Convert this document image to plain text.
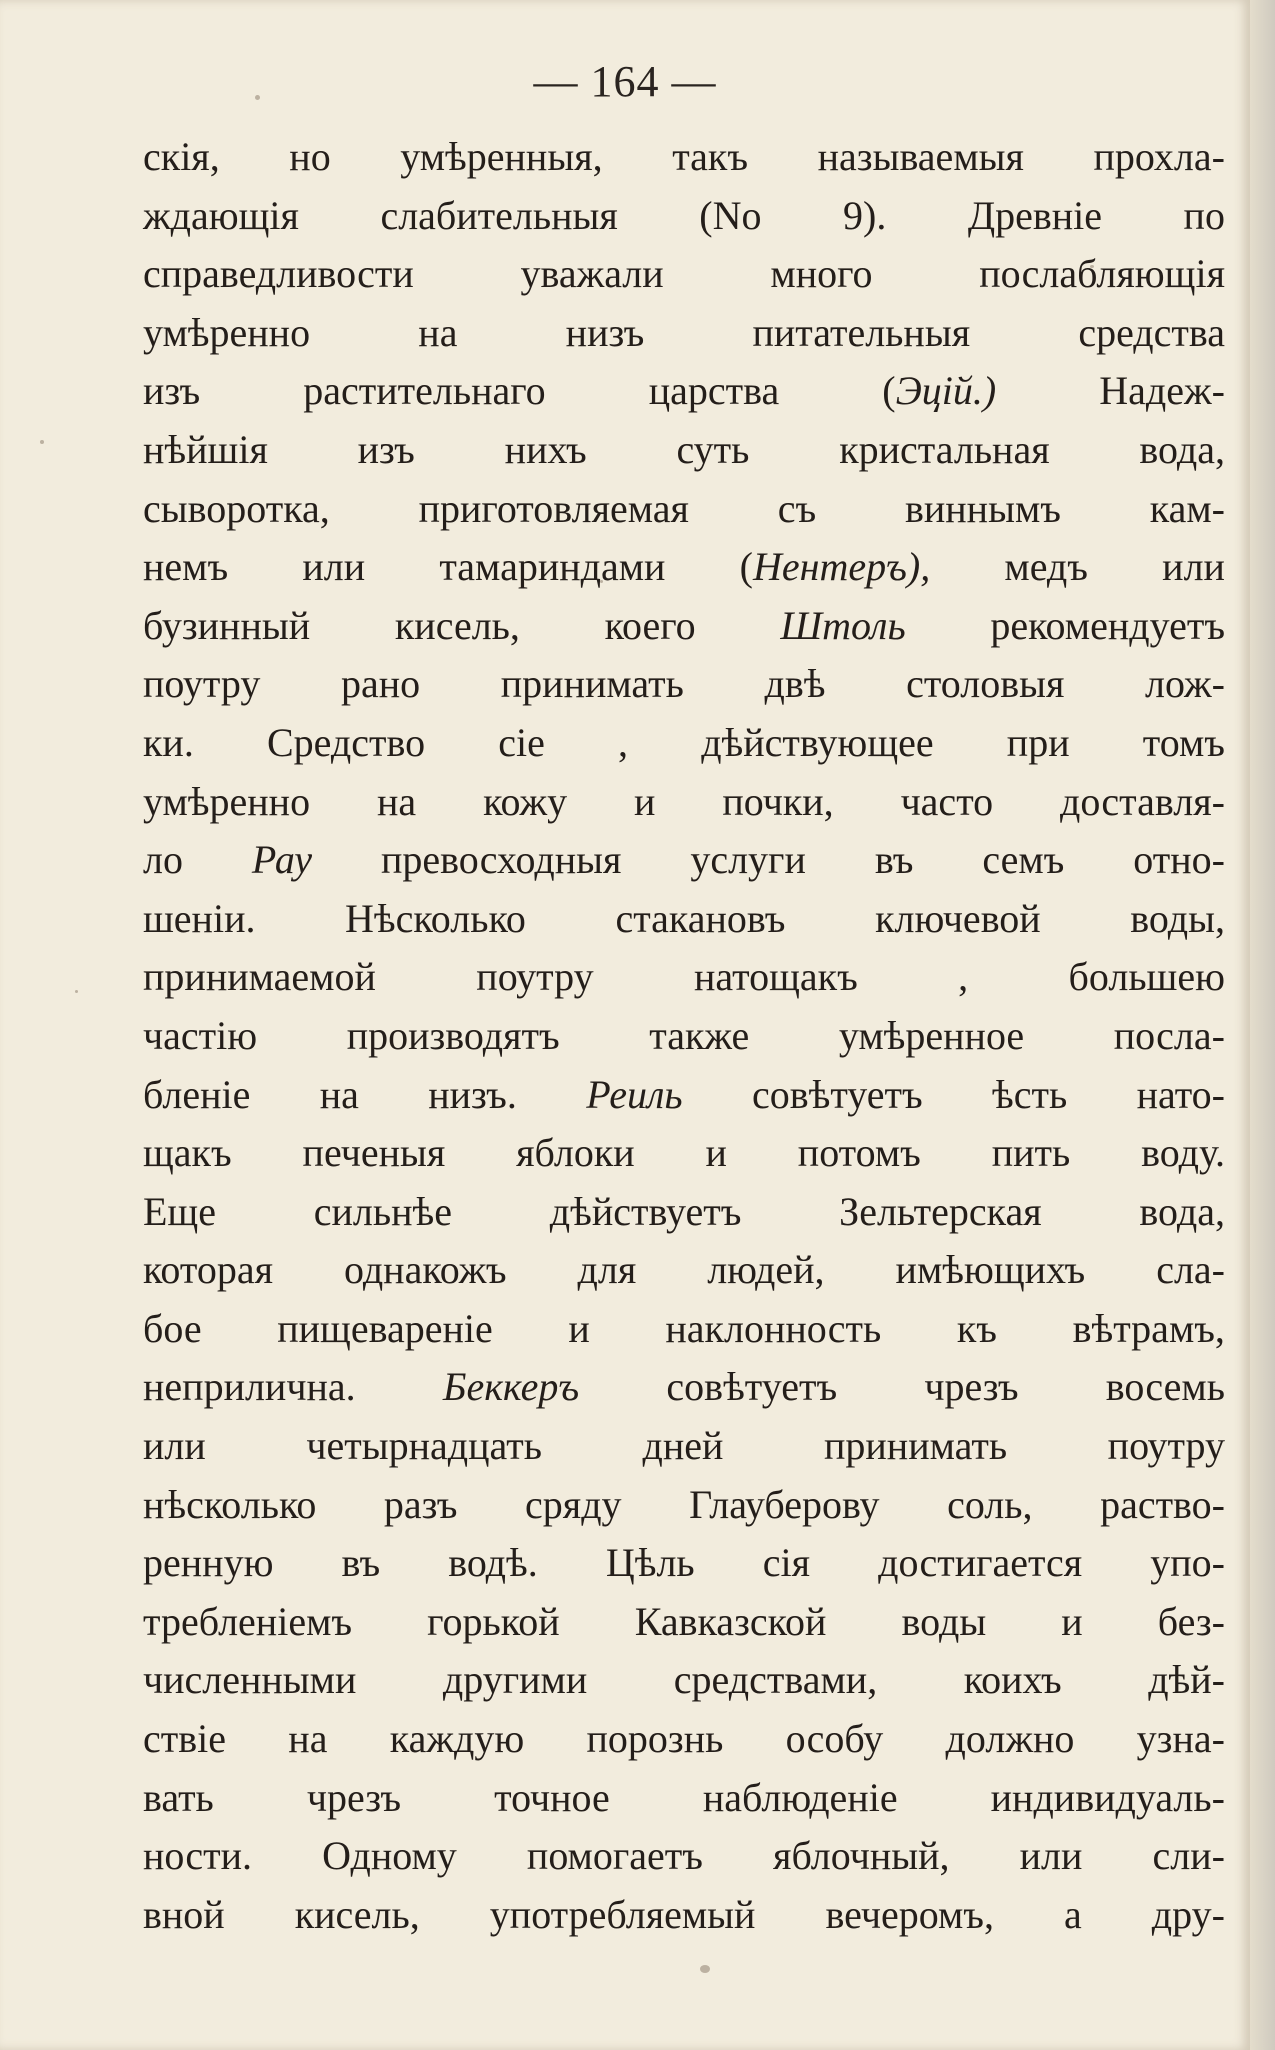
— 164 —
скія, но умѣренныя, такъ называемыя прохла-
ждающія слабительныя (No 9). Древніе по
справедливости	уважали	много	послабляющія
умѣренно	на	низъ	питательныя	средства
изъ	растительнаго	царства	(Эцій.)	Надеж-
нѣйшія изъ нихъ суть кристальная вода,
сыворотка, приготовляемая съ виннымъ кам-
немъ или тамариндами (Нентеръ), медъ или
бузинный кисель, коего Штоль рекомендуетъ
поутру рано принимать двѣ столовыя лож-
ки. Средство сіе , дѣйствующее при томъ
умѣренно на кожу и почки, часто доставля-
ло Рау превосходныя услуги въ семъ отно-
шеніи. Нѣсколько стакановъ ключевой воды,
принимаемой	поутру	натощакъ	,	большею
частію производятъ также умѣренное посла-
бленіе на низъ. Реиль совѣтуетъ ѣсть нато-
щакъ печеныя яблоки и потомъ пить воду.
Еще сильнѣе дѣйствуетъ Зельтерская вода,
которая однакожъ для людей, имѣющихъ сла-
бое пищевареніе и наклонность къ вѣтрамъ,
неприлична. Беккеръ совѣтуетъ чрезъ восемь
или	четырнадцать	дней	принимать	поутру
нѣсколько разъ сряду Глауберову соль, раство-
ренную въ водѣ. Цѣль сія достигается упо-
требленіемъ горькой Кавказской воды и без-
численными другими средствами, коихъ дѣй-
ствіе на каждую порознь особу должно узна-
вать чрезъ точное наблюденіе индивидуаль-
ности. Одному помогаетъ яблочный, или сли-
вной кисель, употребляемый вечеромъ, а дру-
